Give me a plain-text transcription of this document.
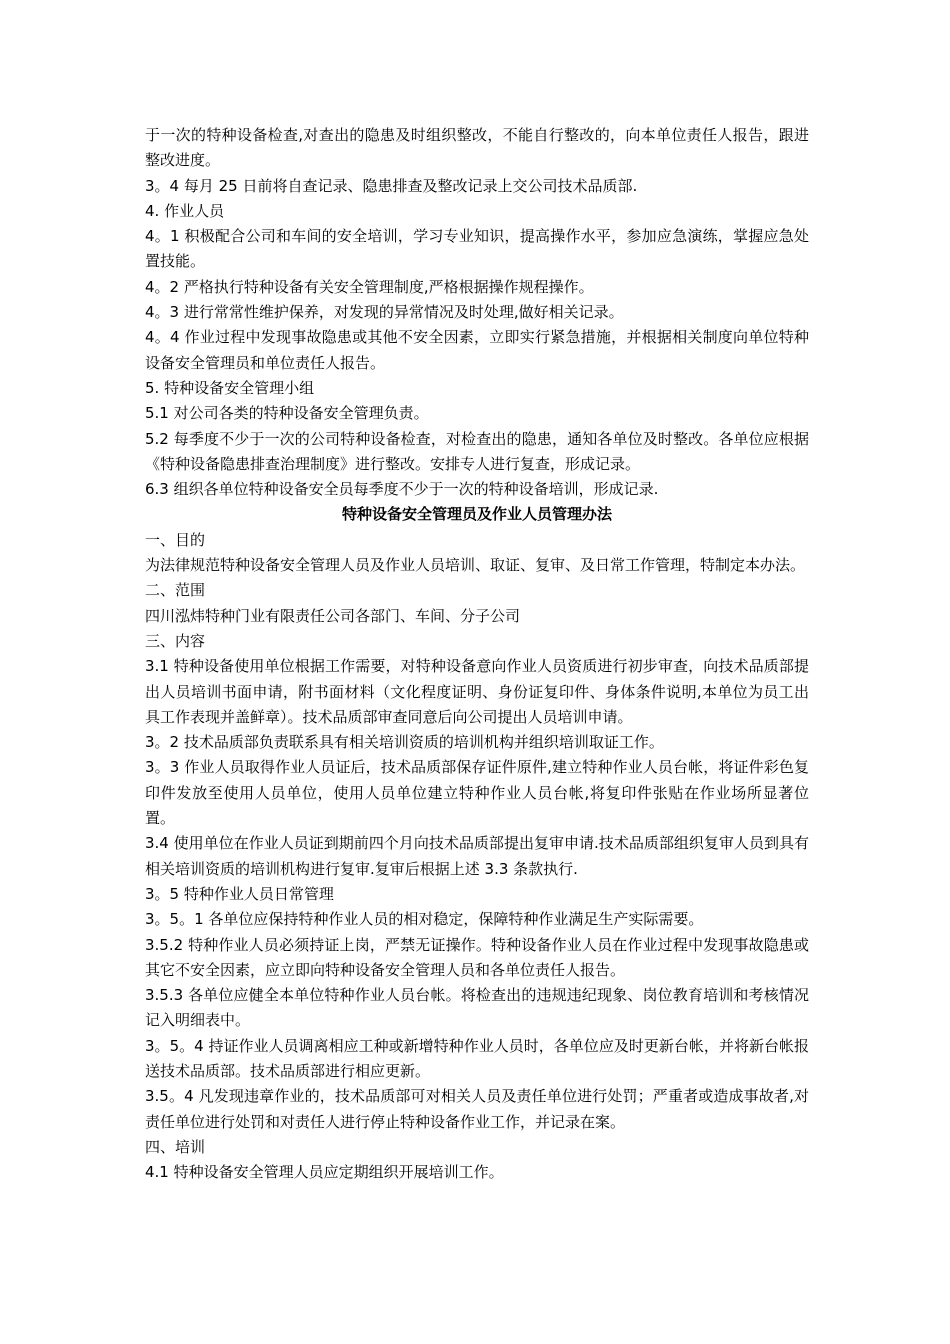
于一次的特种设备检查,对查出的隐患及时组织整改，不能自行整改的，向本单位责任人报告，跟进整改进度。

3。4 每月 25 日前将自查记录、隐患排查及整改记录上交公司技术品质部.

4. 作业人员

4。1 积极配合公司和车间的安全培训，学习专业知识，提高操作水平，参加应急演练，掌握应急处置技能。

4。2 严格执行特种设备有关安全管理制度,严格根据操作规程操作。

4。3 进行常常性维护保养，对发现的异常情况及时处理,做好相关记录。

4。4 作业过程中发现事故隐患或其他不安全因素，立即实行紧急措施，并根据相关制度向单位特种设备安全管理员和单位责任人报告。

5. 特种设备安全管理小组

5.1 对公司各类的特种设备安全管理负责。

5.2 每季度不少于一次的公司特种设备检查，对检查出的隐患，通知各单位及时整改。各单位应根据《特种设备隐患排查治理制度》进行整改。安排专人进行复查，形成记录。

6.3 组织各单位特种设备安全员每季度不少于一次的特种设备培训，形成记录.

特种设备安全管理员及作业人员管理办法

一、目的

为法律规范特种设备安全管理人员及作业人员培训、取证、复审、及日常工作管理，特制定本办法。

二、范围

四川泓炜特种门业有限责任公司各部门、车间、分子公司

三、内容

3.1 特种设备使用单位根据工作需要，对特种设备意向作业人员资质进行初步审查，向技术品质部提出人员培训书面申请，附书面材料（文化程度证明、身份证复印件、身体条件说明,本单位为员工出具工作表现并盖鲜章）。技术品质部审查同意后向公司提出人员培训申请。

3。2 技术品质部负责联系具有相关培训资质的培训机构并组织培训取证工作。

3。3 作业人员取得作业人员证后，技术品质部保存证件原件,建立特种作业人员台帐，将证件彩色复印件发放至使用人员单位，使用人员单位建立特种作业人员台帐,将复印件张贴在作业场所显著位置。

3.4 使用单位在作业人员证到期前四个月向技术品质部提出复审申请.技术品质部组织复审人员到具有相关培训资质的培训机构进行复审.复审后根据上述 3.3 条款执行.

3。5 特种作业人员日常管理

3。5。1 各单位应保持特种作业人员的相对稳定，保障特种作业满足生产实际需要。

3.5.2 特种作业人员必须持证上岗，严禁无证操作。特种设备作业人员在作业过程中发现事故隐患或其它不安全因素，应立即向特种设备安全管理人员和各单位责任人报告。

3.5.3 各单位应健全本单位特种作业人员台帐。将检查出的违规违纪现象、岗位教育培训和考核情况记入明细表中。

3。5。4 持证作业人员调离相应工种或新增特种作业人员时，各单位应及时更新台帐，并将新台帐报送技术品质部。技术品质部进行相应更新。

3.5。4 凡发现违章作业的，技术品质部可对相关人员及责任单位进行处罚；严重者或造成事故者,对责任单位进行处罚和对责任人进行停止特种设备作业工作，并记录在案。

四、培训

4.1 特种设备安全管理人员应定期组织开展培训工作。
